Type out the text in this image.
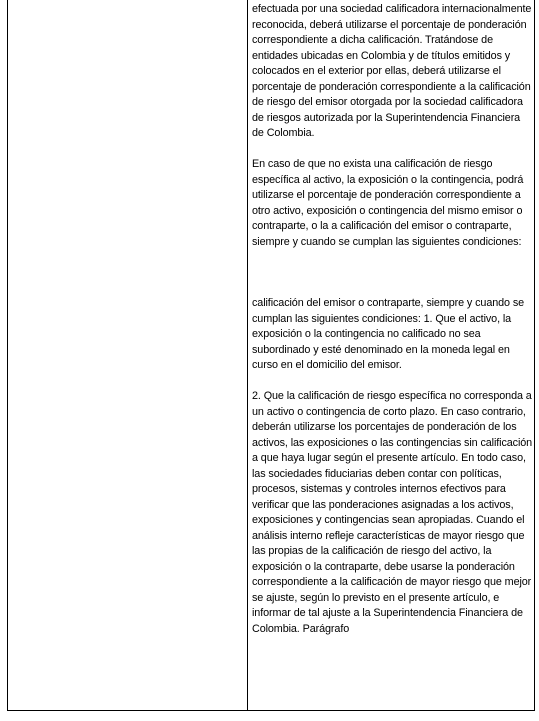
efectuada por una sociedad calificadora internacionalmente reconocida, deberá utilizarse el porcentaje de ponderación correspondiente a dicha calificación. Tratándose de entidades ubicadas en Colombia y de títulos emitidos y colocados en el exterior por ellas, deberá utilizarse el porcentaje de ponderación correspondiente a la calificación de riesgo del emisor otorgada por la sociedad calificadora de riesgos autorizada por la Superintendencia Financiera de Colombia.

En caso de que no exista una calificación de riesgo específica al activo, la exposición o la contingencia, podrá utilizarse el porcentaje de ponderación correspondiente a otro activo, exposición o contingencia del mismo emisor o contraparte, o la a calificación del emisor o contraparte, siempre y cuando se cumplan las siguientes condiciones:

calificación del emisor o contraparte, siempre y cuando se cumplan las siguientes condiciones: 1. Que el activo, la exposición o la contingencia no calificado no sea subordinado y esté denominado en la moneda legal en curso en el domicilio del emisor.

2. Que la calificación de riesgo específica no corresponda a un activo o contingencia de corto plazo. En caso contrario, deberán utilizarse los porcentajes de ponderación de los activos, las exposiciones o las contingencias sin calificación a que haya lugar según el presente artículo. En todo caso, las sociedades fiduciarias deben contar con políticas, procesos, sistemas y controles internos efectivos para verificar que las ponderaciones asignadas a los activos, exposiciones y contingencias sean apropiadas. Cuando el análisis interno refleje características de mayor riesgo que las propias de la calificación de riesgo del activo, la exposición o la contraparte, debe usarse la ponderación correspondiente a la calificación de mayor riesgo que mejor se ajuste, según lo previsto en el presente artículo, e informar de tal ajuste a la Superintendencia Financiera de Colombia. Parágrafo
